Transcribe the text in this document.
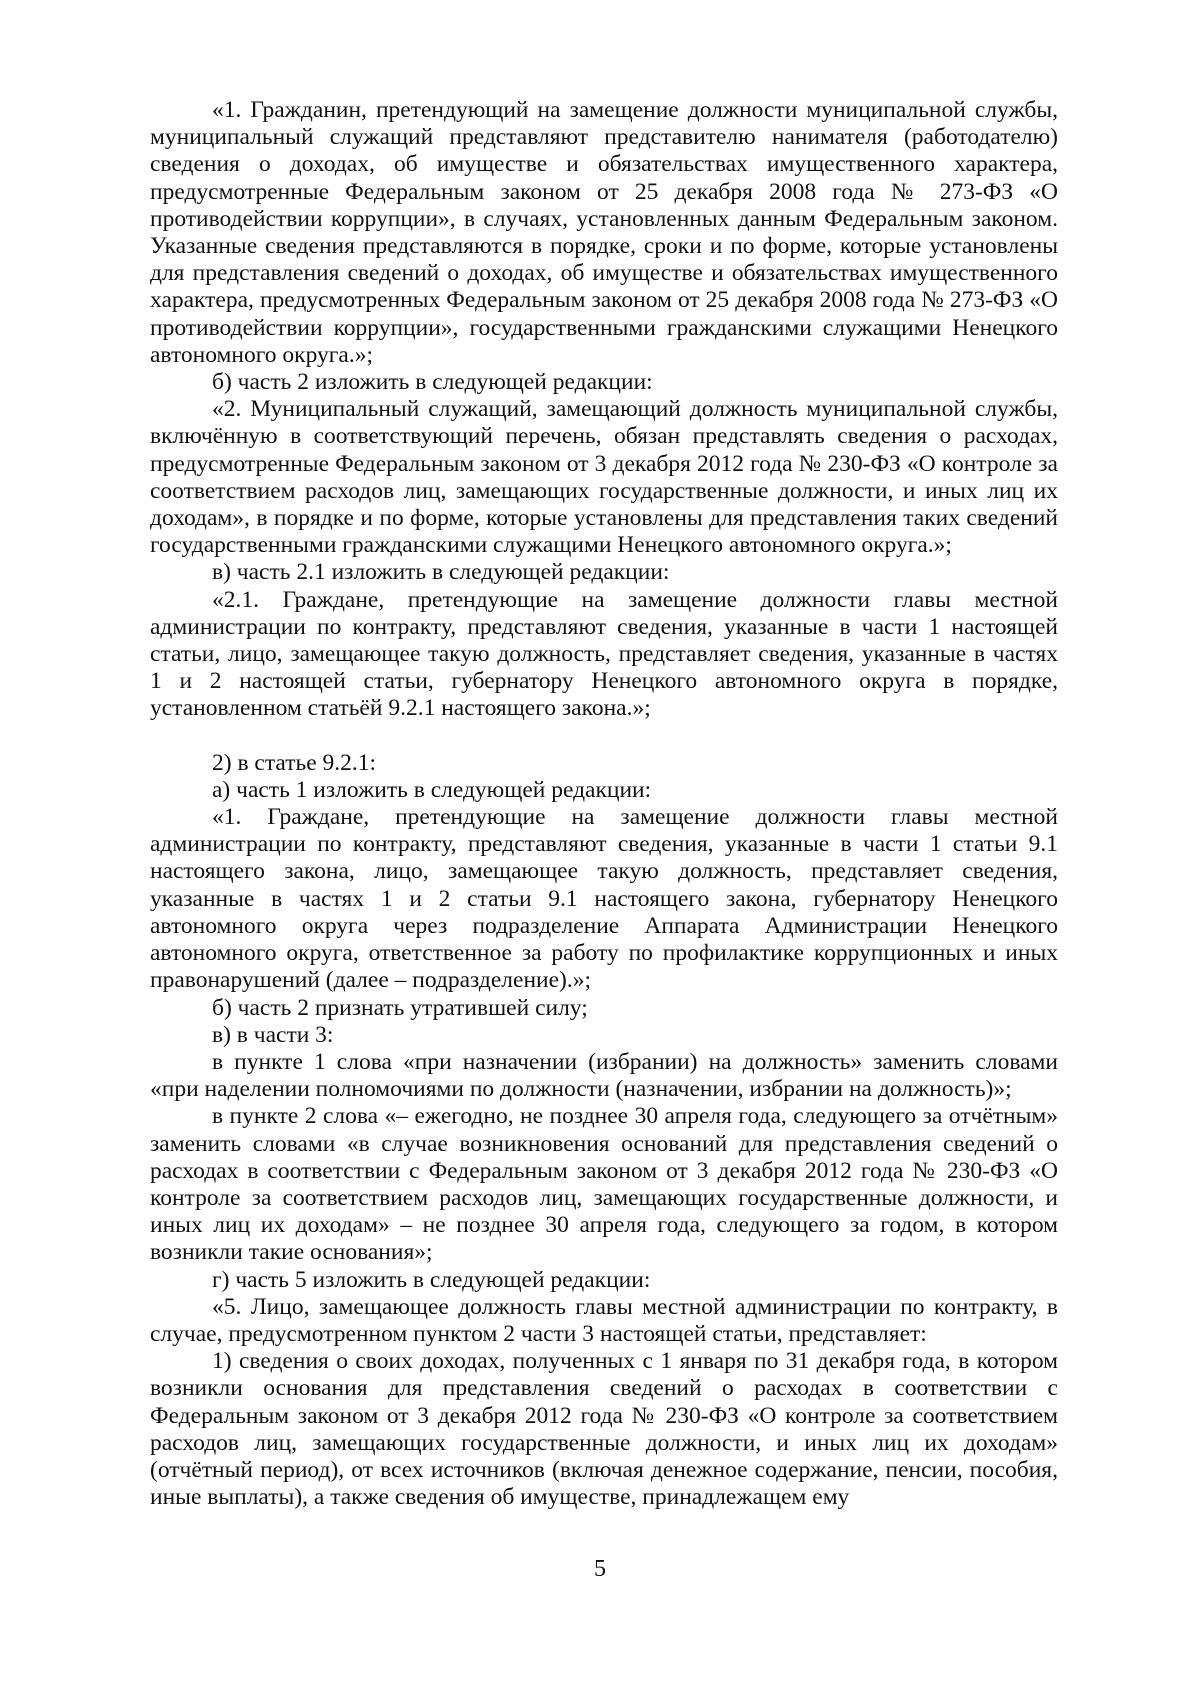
«1. Гражданин, претендующий на замещение должности муниципальной службы, муниципальный служащий представляют представителю нанимателя (работодателю) сведения о доходах, об имуществе и обязательствах имущественного характера, предусмотренные Федеральным законом от 25 декабря 2008 года № 273-ФЗ «О противодействии коррупции», в случаях, установленных данным Федеральным законом. Указанные сведения представляются в порядке, сроки и по форме, которые установлены для представления сведений о доходах, об имуществе и обязательствах имущественного характера, предусмотренных Федеральным законом от 25 декабря 2008 года № 273-ФЗ «О противодействии коррупции», государственными гражданскими служащими Ненецкого автономного округа.»;

б) часть 2 изложить в следующей редакции:

«2. Муниципальный служащий, замещающий должность муниципальной службы, включённую в соответствующий перечень, обязан представлять сведения о расходах, предусмотренные Федеральным законом от 3 декабря 2012 года № 230-ФЗ «О контроле за соответствием расходов лиц, замещающих государственные должности, и иных лиц их доходам», в порядке и по форме, которые установлены для представления таких сведений государственными гражданскими служащими Ненецкого автономного округа.»;

в) часть 2.1 изложить в следующей редакции:

«2.1. Граждане, претендующие на замещение должности главы местной администрации по контракту, представляют сведения, указанные в части 1 настоящей статьи, лицо, замещающее такую должность, представляет сведения, указанные в частях 1 и 2 настоящей статьи, губернатору Ненецкого автономного округа в порядке, установленном статьёй 9.2.1 настоящего закона.»;

2) в статье 9.2.1:

а) часть 1 изложить в следующей редакции:

«1. Граждане, претендующие на замещение должности главы местной администрации по контракту, представляют сведения, указанные в части 1 статьи 9.1 настоящего закона, лицо, замещающее такую должность, представляет сведения, указанные в частях 1 и 2 статьи 9.1 настоящего закона, губернатору Ненецкого автономного округа через подразделение Аппарата Администрации Ненецкого автономного округа, ответственное за работу по профилактике коррупционных и иных правонарушений (далее – подразделение).»;

б) часть 2 признать утратившей силу;

в) в части 3:

в пункте 1 слова «при назначении (избрании) на должность» заменить словами «при наделении полномочиями по должности (назначении, избрании на должность)»;

в пункте 2 слова «– ежегодно, не позднее 30 апреля года, следующего за отчётным» заменить словами «в случае возникновения оснований для представления сведений о расходах в соответствии с Федеральным законом от 3 декабря 2012 года № 230-ФЗ «О контроле за соответствием расходов лиц, замещающих государственные должности, и иных лиц их доходам» – не позднее 30 апреля года, следующего за годом, в котором возникли такие основания»;

г) часть 5 изложить в следующей редакции:

«5. Лицо, замещающее должность главы местной администрации по контракту, в случае, предусмотренном пунктом 2 части 3 настоящей статьи, представляет:

1) сведения о своих доходах, полученных с 1 января по 31 декабря года, в котором возникли основания для представления сведений о расходах в соответствии с Федеральным законом от 3 декабря 2012 года № 230-ФЗ «О контроле за соответствием расходов лиц, замещающих государственные должности, и иных лиц их доходам» (отчётный период), от всех источников (включая денежное содержание, пенсии, пособия, иные выплаты), а также сведения об имуществе, принадлежащем ему

5
